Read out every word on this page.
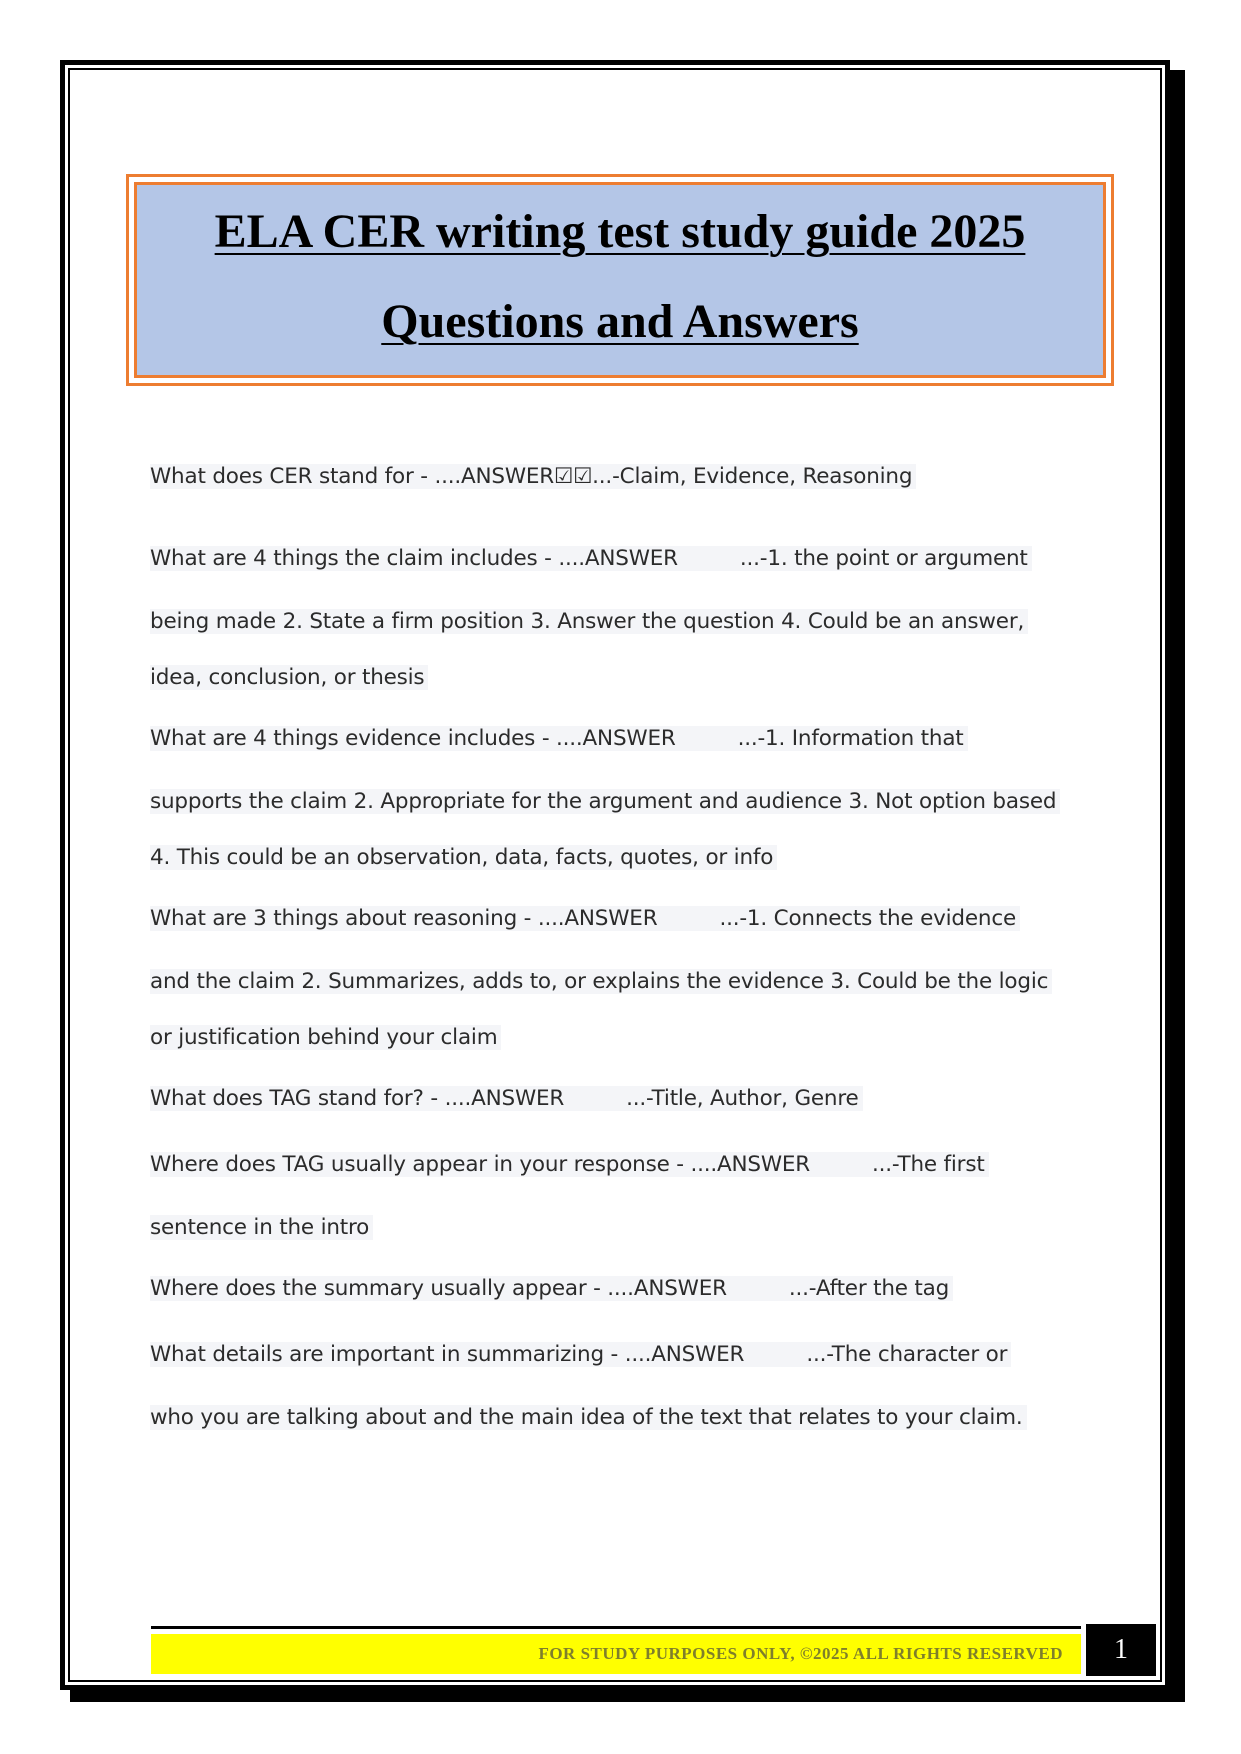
ELA CER writing test study guide 2025

Questions and Answers

What does CER stand for - ....ANSWER☑☑...-Claim, Evidence, Reasoning
What are 4 things the claim includes - ....ANSWER	...-1. the point or argument
being made 2. State a firm position 3. Answer the question 4. Could be an answer,
idea, conclusion, or thesis
What are 4 things evidence includes - ....ANSWER	...-1. Information that
supports the claim 2. Appropriate for the argument and audience 3. Not option based
4. This could be an observation, data, facts, quotes, or info
What are 3 things about reasoning - ....ANSWER	...-1. Connects the evidence
and the claim 2. Summarizes, adds to, or explains the evidence 3. Could be the logic
or justification behind your claim
What does TAG stand for? - ....ANSWER	...-Title, Author, Genre
Where does TAG usually appear in your response - ....ANSWER	...-The first
sentence in the intro
Where does the summary usually appear - ....ANSWER	...-After the tag
What details are important in summarizing - ....ANSWER	...-The character or
who you are talking about and the main idea of the text that relates to your claim.
FOR STUDY PURPOSES ONLY, ©2025 ALL RIGHTS RESERVED	1
